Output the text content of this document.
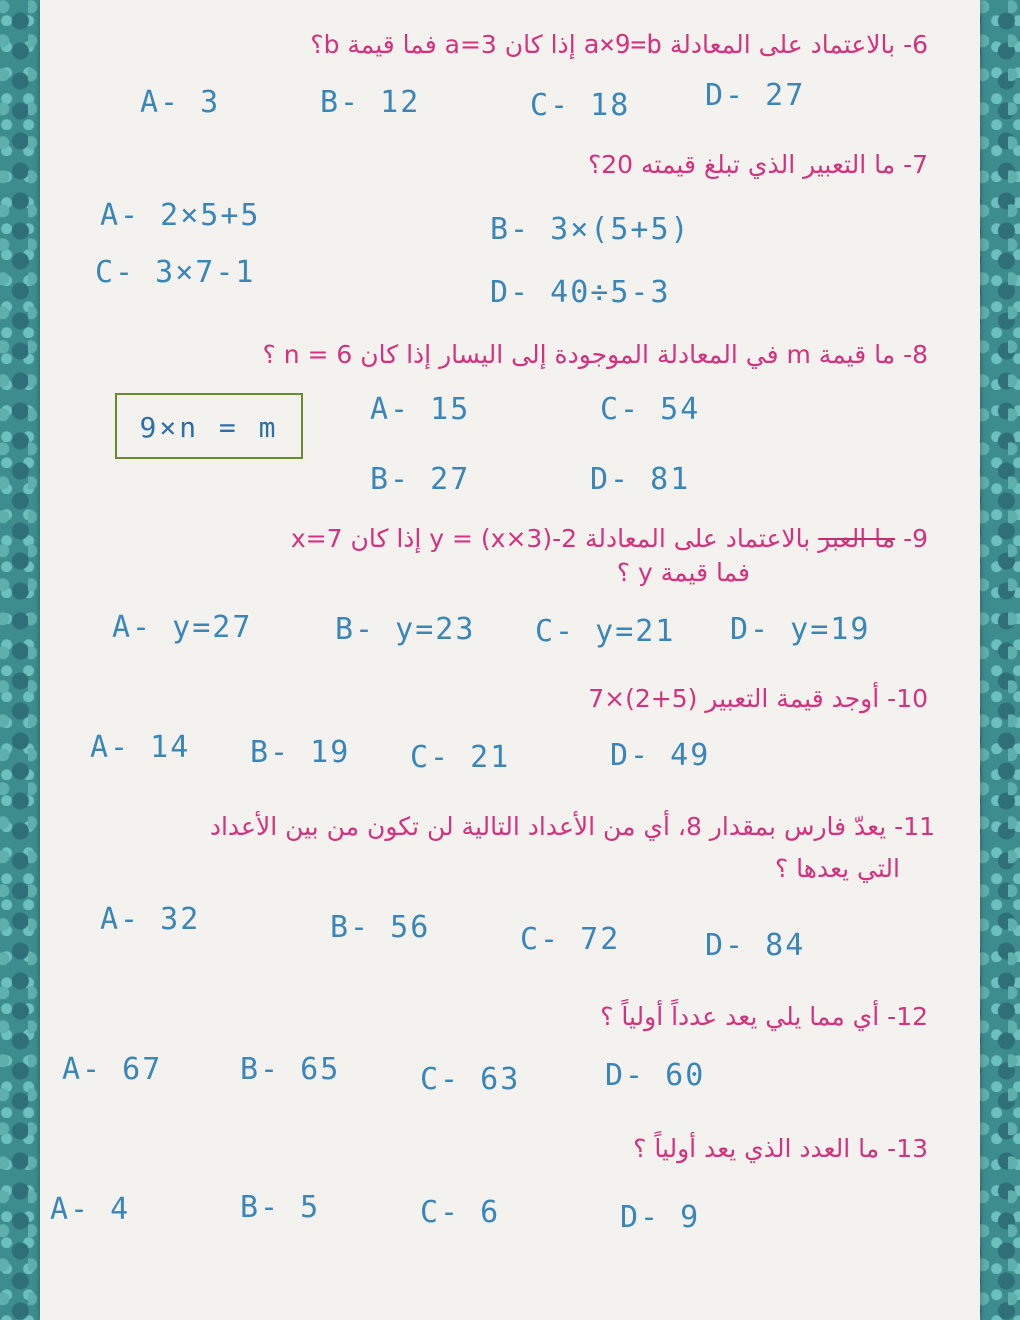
6- بالاعتماد على المعادلة a×9=b إذا كان a=3 فما قيمة b؟
A- 3	B- 12	C- 18 D- 27
7- ما التعبير الذي تبلغ قيمته 20؟
A- 2×5+5	B- 3×(5+5)
C- 3×7-1
D- 40÷5-3
8- ما قيمة m في المعادلة الموجودة إلى اليسار إذا كان n = 6 ؟
9×n = m
A- 15	C- 54
B- 27	D- 81
9- ما العبر بالاعتماد على المعادلة y = (x×3)-2 إذا كان x=7
فما قيمة y ؟
A- y=27	B- y=23 C- y=21 D- y=19
10- أوجد قيمة التعبير (5+2)×7
A- 14 B- 19 C- 21	D- 49
11- يعدّ فارس بمقدار 8، أي من الأعداد التالية لن تكون من بين الأعداد
التي يعدها ؟
A- 32	B- 56	C- 72	D- 84
12- أي مما يلي يعد عدداً أولياً ؟
A- 67	B- 65	C- 63	D- 60
13- ما العدد الذي يعد أولياً ؟
A- 4	B- 5	C- 6	D- 9
